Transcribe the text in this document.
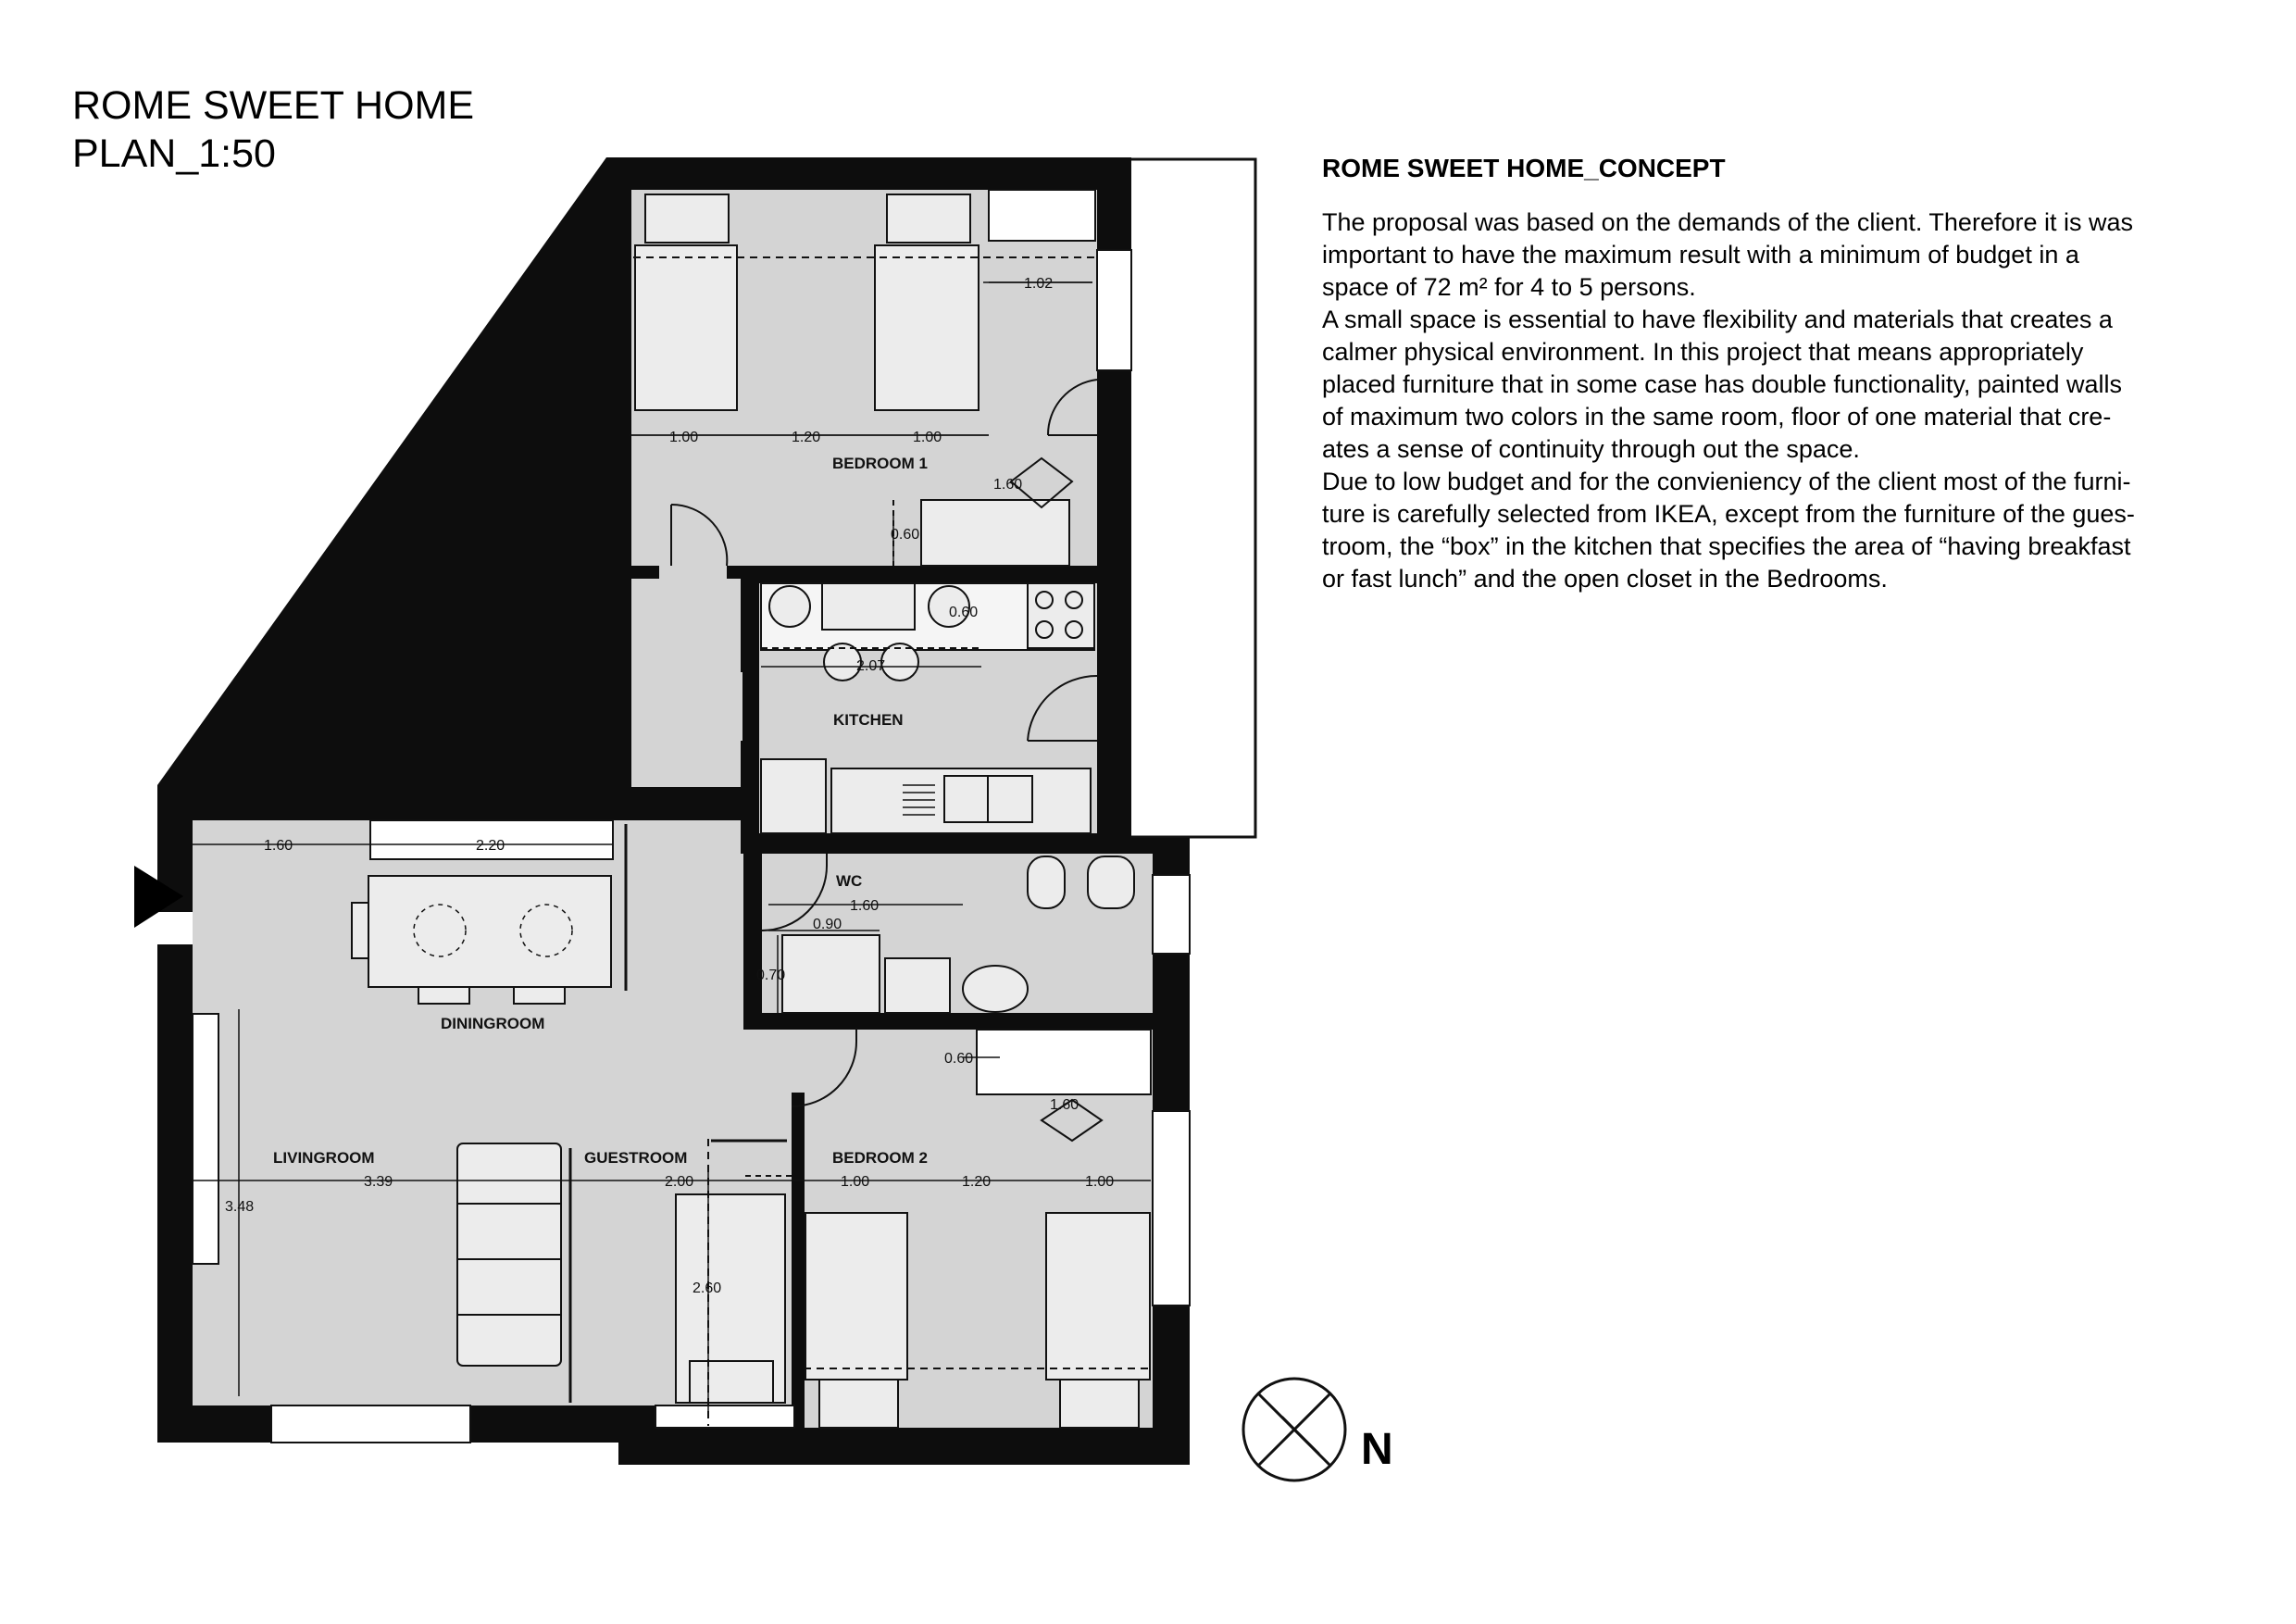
ROME SWEET HOME
PLAN_1:50	ROME SWEET HOME_CONCEPT

The proposal was based on the demands of the client. Therefore it is was

important to have the maximum result with a minimum of budget in a

space of 72 m² for 4 to 5 persons.

A small space is essential to have flexibility and materials that creates a

calmer physical environment. In this project that means appropriately

placed furniture that in some case has double functionality, painted walls

of maximum two colors in the same room, floor of one material that cre-

ates a sense of continuity through out the space.

Due to low budget and for the convieniency of the client most of the furni-

ture is carefully selected from IKEA, except from the furniture of the gues-

troom, the “box” in the kitchen that specifies the area of “having breakfast

or fast lunch” and the open closet in the Bedrooms.

BEDROOM 1
KITCHEN
WC
DININGROOM
LIVINGROOM	GUESTROOM	BEDROOM 2
1.02
1.00	1.20	1.00
1.60
0.60
0.60
2.07
1.60	2.20
1.60
0.90
0.70
0.60
1.60
3.39
3.48
2.00
2.60
1.00	1.20	1.00
N
